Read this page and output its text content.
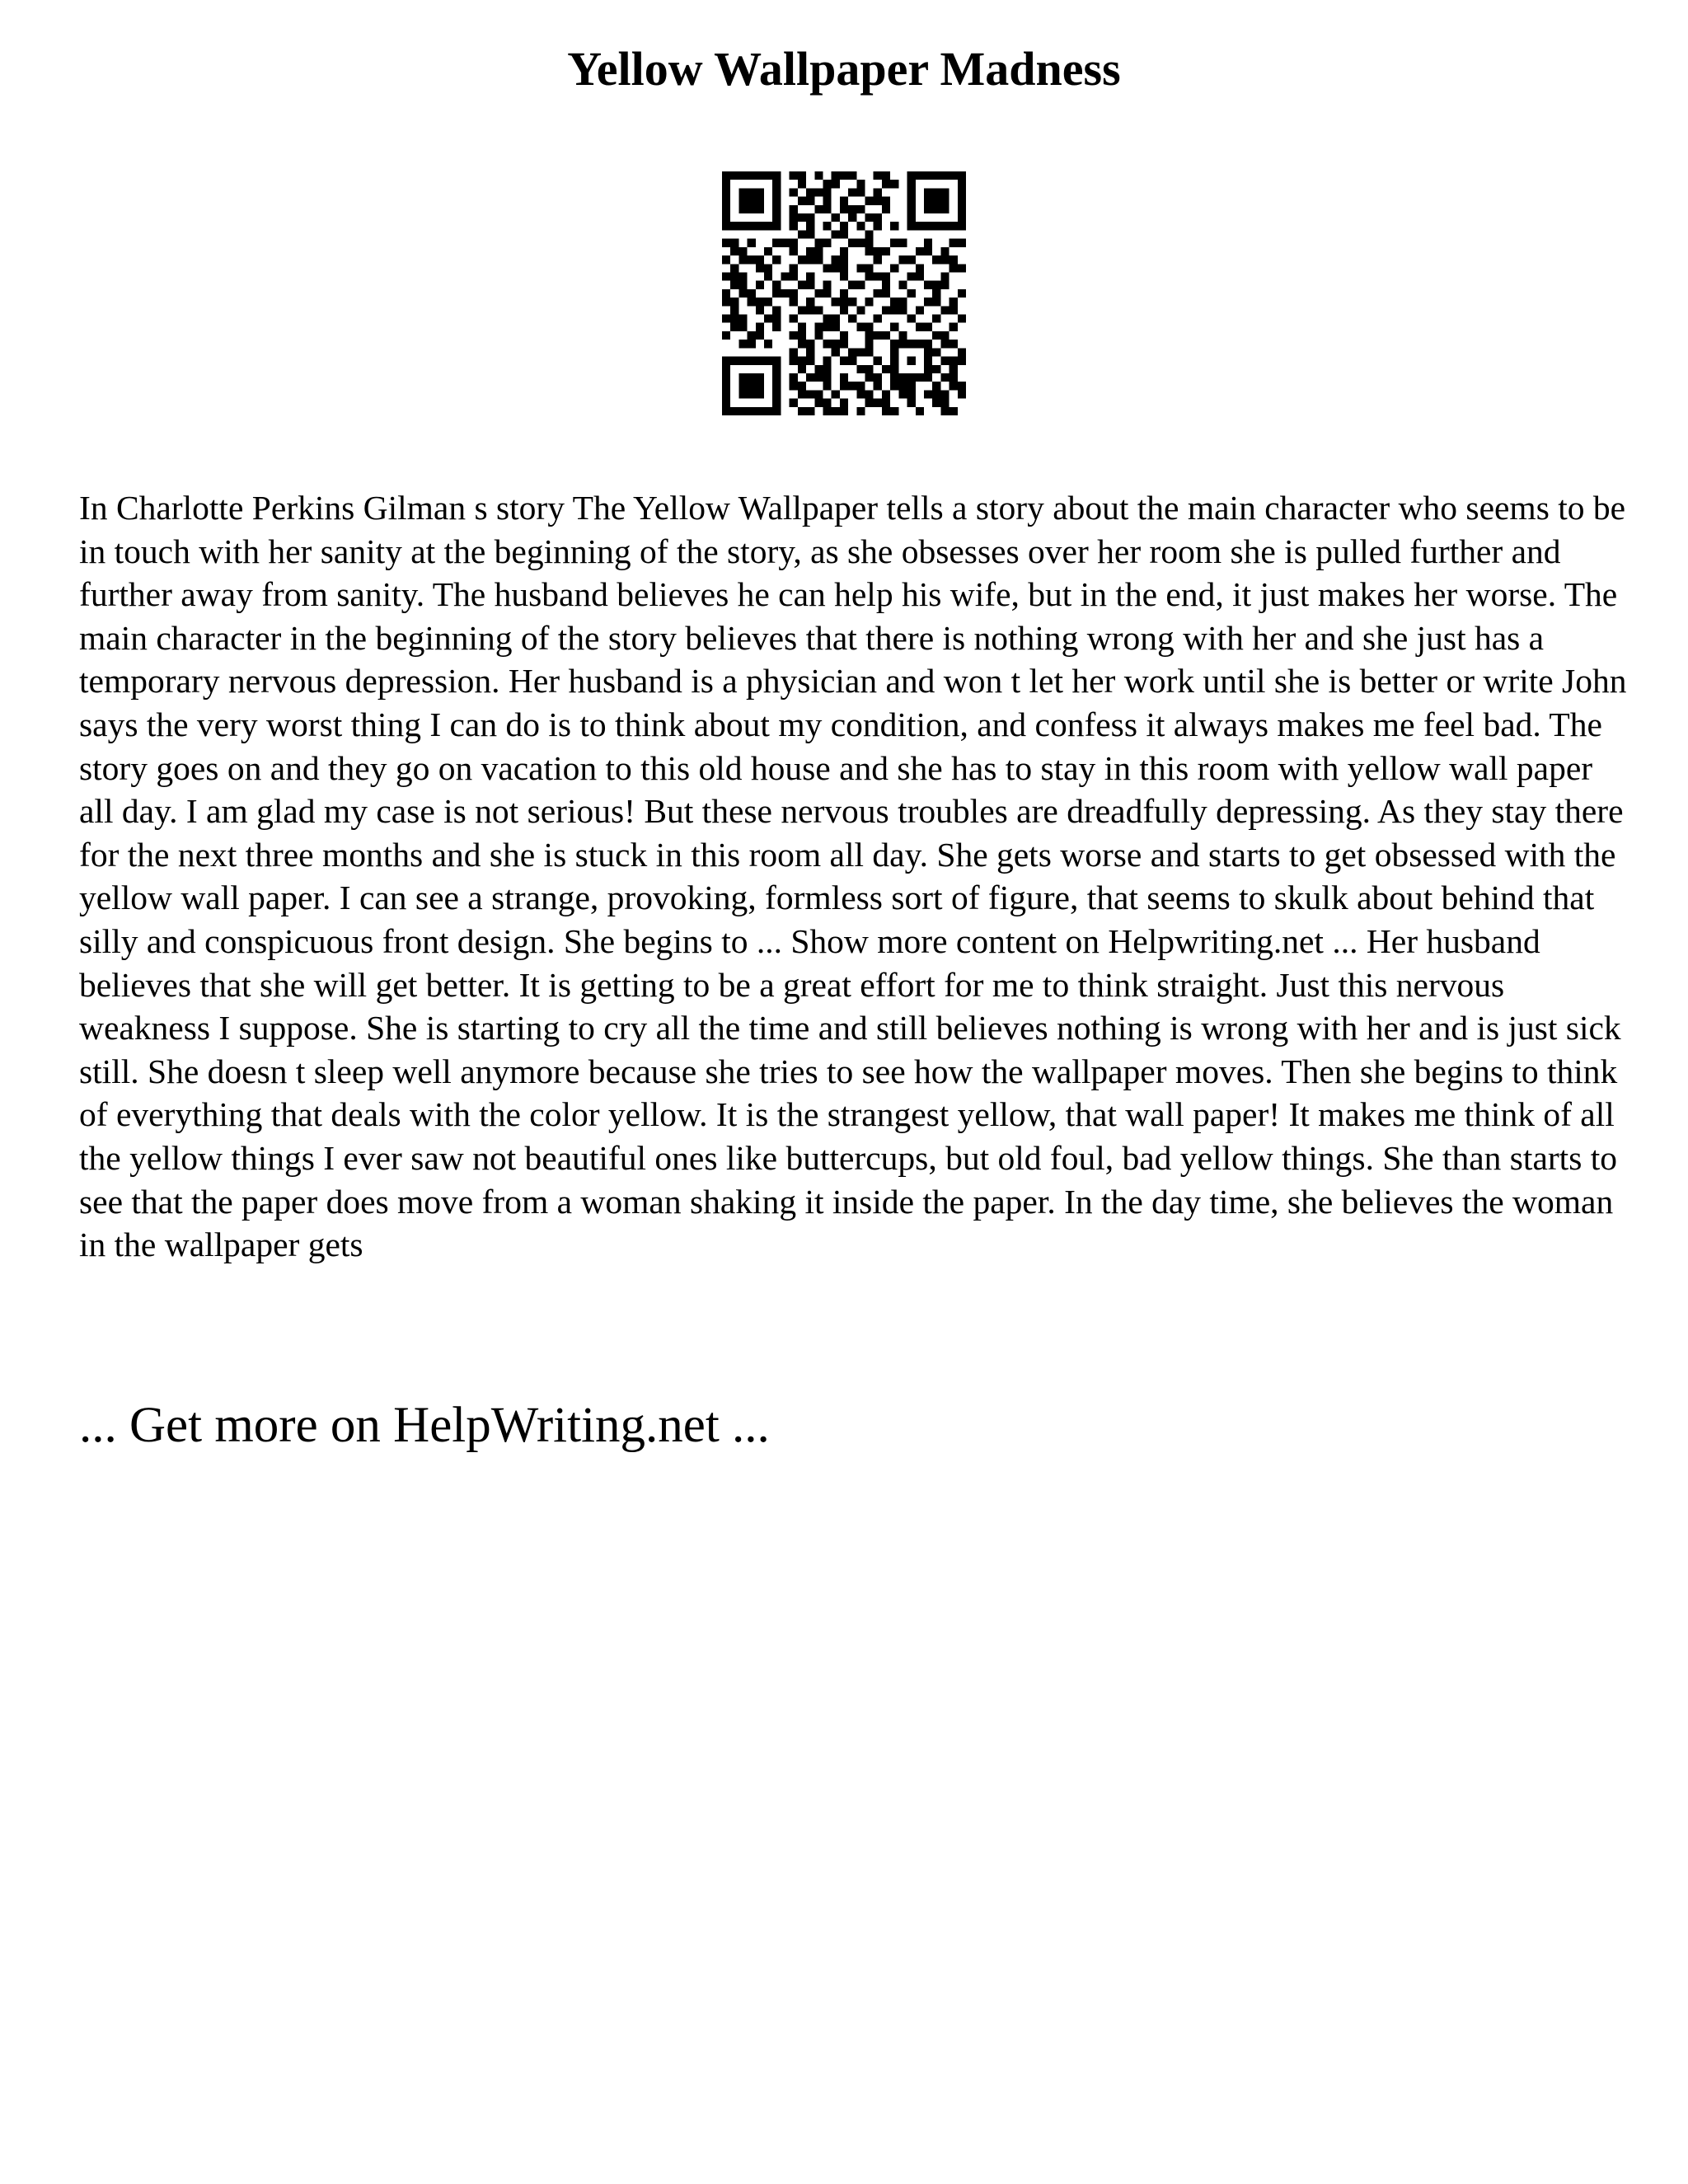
Yellow Wallpaper Madness

In Charlotte Perkins Gilman s story The Yellow Wallpaper tells a story about the main character who seems to be in touch with her sanity at the beginning of the story, as she obsesses over her room she is pulled further and further away from sanity. The husband believes he can help his wife, but in the end, it just makes her worse. The main character in the beginning of the story believes that there is nothing wrong with her and she just has a temporary nervous depression. Her husband is a physician and won t let her work until she is better or write John says the very worst thing I can do is to think about my condition, and confess it always makes me feel bad. The story goes on and they go on vacation to this old house and she has to stay in this room with yellow wall paper all day. I am glad my case is not serious! But these nervous troubles are dreadfully depressing. As they stay there for the next three months and she is stuck in this room all day. She gets worse and starts to get obsessed with the yellow wall paper. I can see a strange, provoking, formless sort of figure, that seems to skulk about behind that silly and conspicuous front design. She begins to ... Show more content on Helpwriting.net ... Her husband believes that she will get better. It is getting to be a great effort for me to think straight. Just this nervous weakness I suppose. She is starting to cry all the time and still believes nothing is wrong with her and is just sick still. She doesn t sleep well anymore because she tries to see how the wallpaper moves. Then she begins to think of everything that deals with the color yellow. It is the strangest yellow, that wall paper! It makes me think of all the yellow things I ever saw not beautiful ones like buttercups, but old foul, bad yellow things. She than starts to see that the paper does move from a woman shaking it inside the paper. In the day time, she believes the woman in the wallpaper gets

... Get more on HelpWriting.net ...
